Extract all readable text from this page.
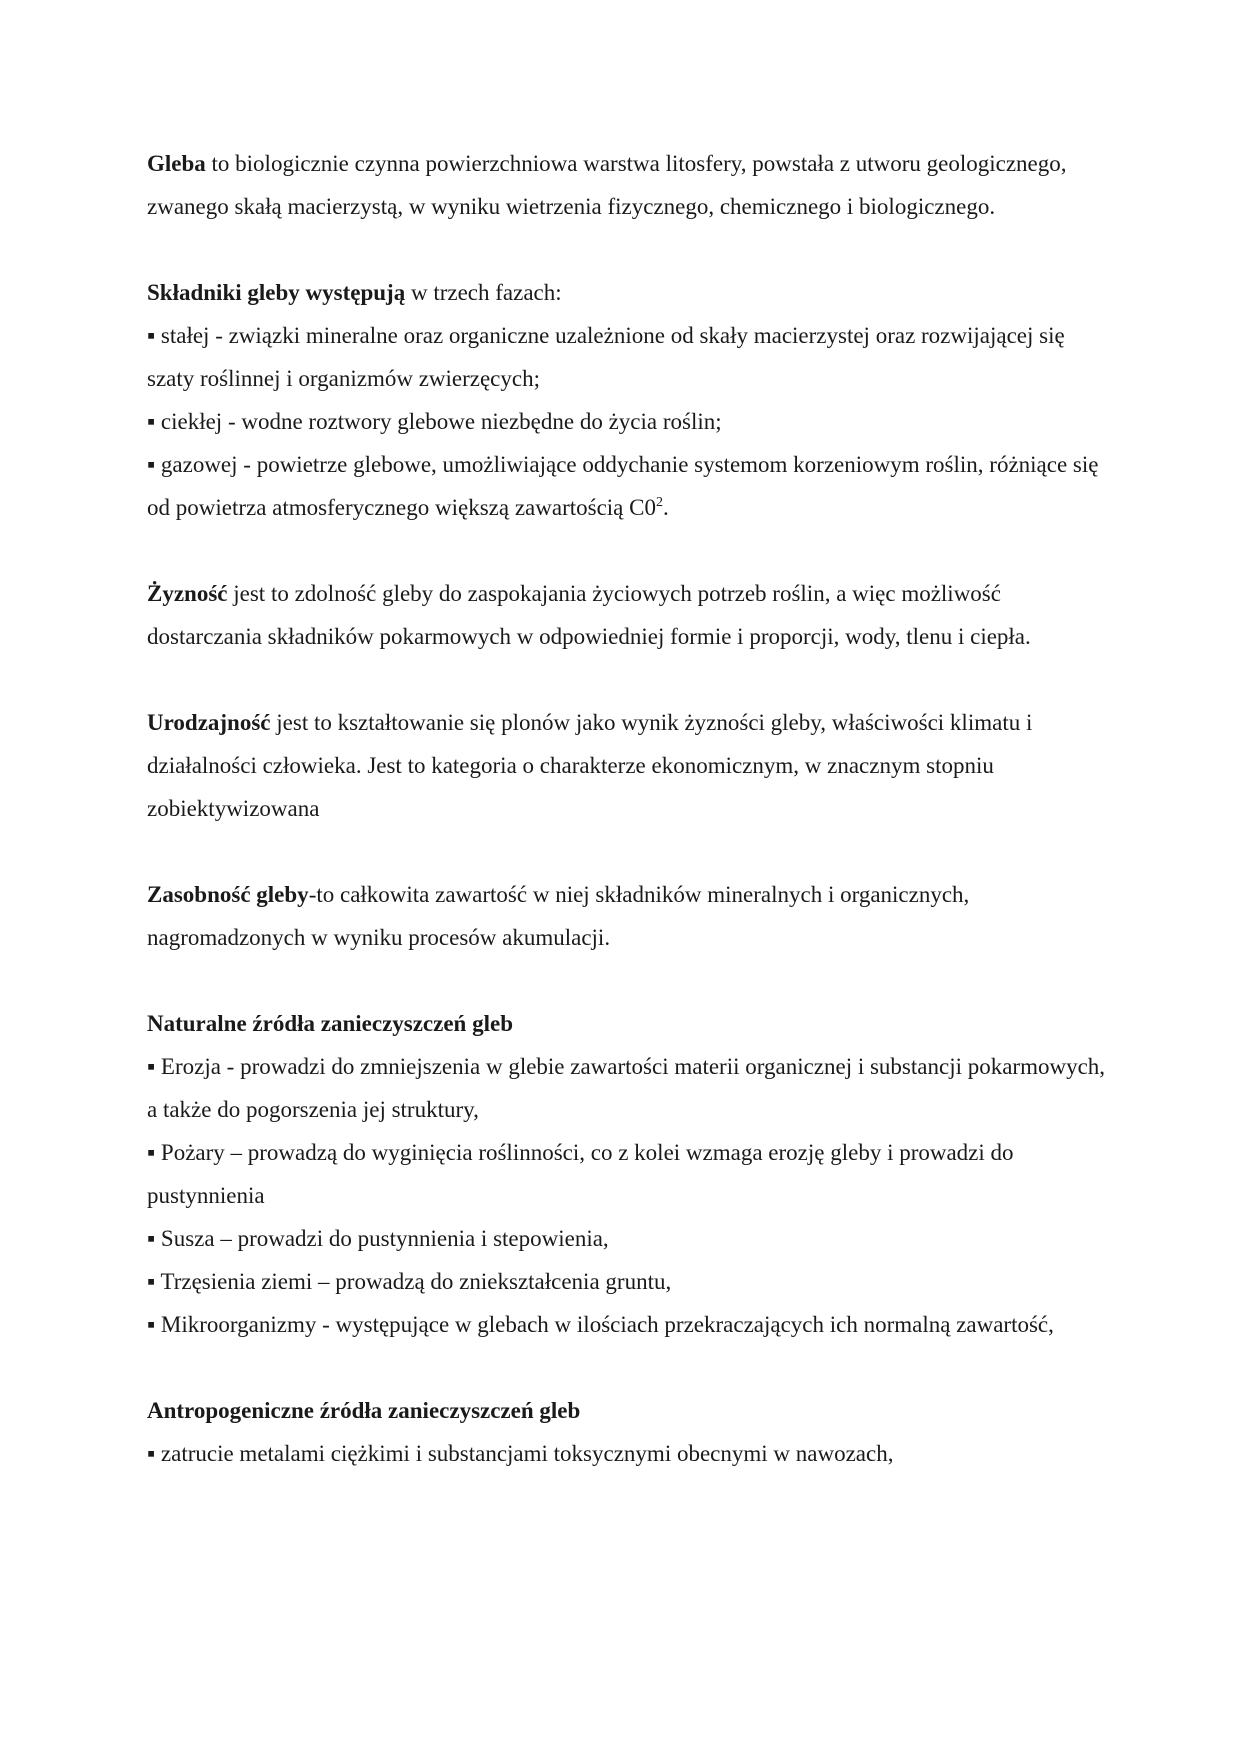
Gleba to biologicznie czynna powierzchniowa warstwa litosfery, powstała z utworu geologicznego, zwanego skałą macierzystą, w wyniku wietrzenia fizycznego, chemicznego i biologicznego.

Składniki gleby występują w trzech fazach:

▪ stałej - związki mineralne oraz organiczne uzależnione od skały macierzystej oraz rozwijającej się szaty roślinnej i organizmów zwierzęcych;

▪ ciekłej - wodne roztwory glebowe niezbędne do życia roślin;

▪ gazowej - powietrze glebowe, umożliwiające oddychanie systemom korzeniowym roślin, różniące się od powietrza atmosferycznego większą zawartością $C0^2$.

Żyzność jest to zdolność gleby do zaspokajania życiowych potrzeb roślin, a więc możliwość dostarczania składników pokarmowych w odpowiedniej formie i proporcji, wody, tlenu i ciepła.

Urodzajność jest to kształtowanie się plonów jako wynik żyzności gleby, właściwości klimatu i działalności człowieka. Jest to kategoria o charakterze ekonomicznym, w znacznym stopniu zobiektywizowana

Zasobność gleby-to całkowita zawartość w niej składników mineralnych i organicznych, nagromadzonych w wyniku procesów akumulacji.

Naturalne źródła zanieczyszczeń gleb

▪ Erozja - prowadzi do zmniejszenia w glebie zawartości materii organicznej i substancji pokarmowych, a także do pogorszenia jej struktury,

▪ Pożary – prowadzą do wyginięcia roślinności, co z kolei wzmaga erozję gleby i prowadzi do pustynnienia

▪ Susza – prowadzi do pustynnienia i stepowienia,

▪ Trzęsienia ziemi – prowadzą do zniekształcenia gruntu,

▪ Mikroorganizmy - występujące w glebach w ilościach przekraczających ich normalną zawartość,

Antropogeniczne źródła zanieczyszczeń gleb

▪ zatrucie metalami ciężkimi i substancjami toksycznymi obecnymi w nawozach,
